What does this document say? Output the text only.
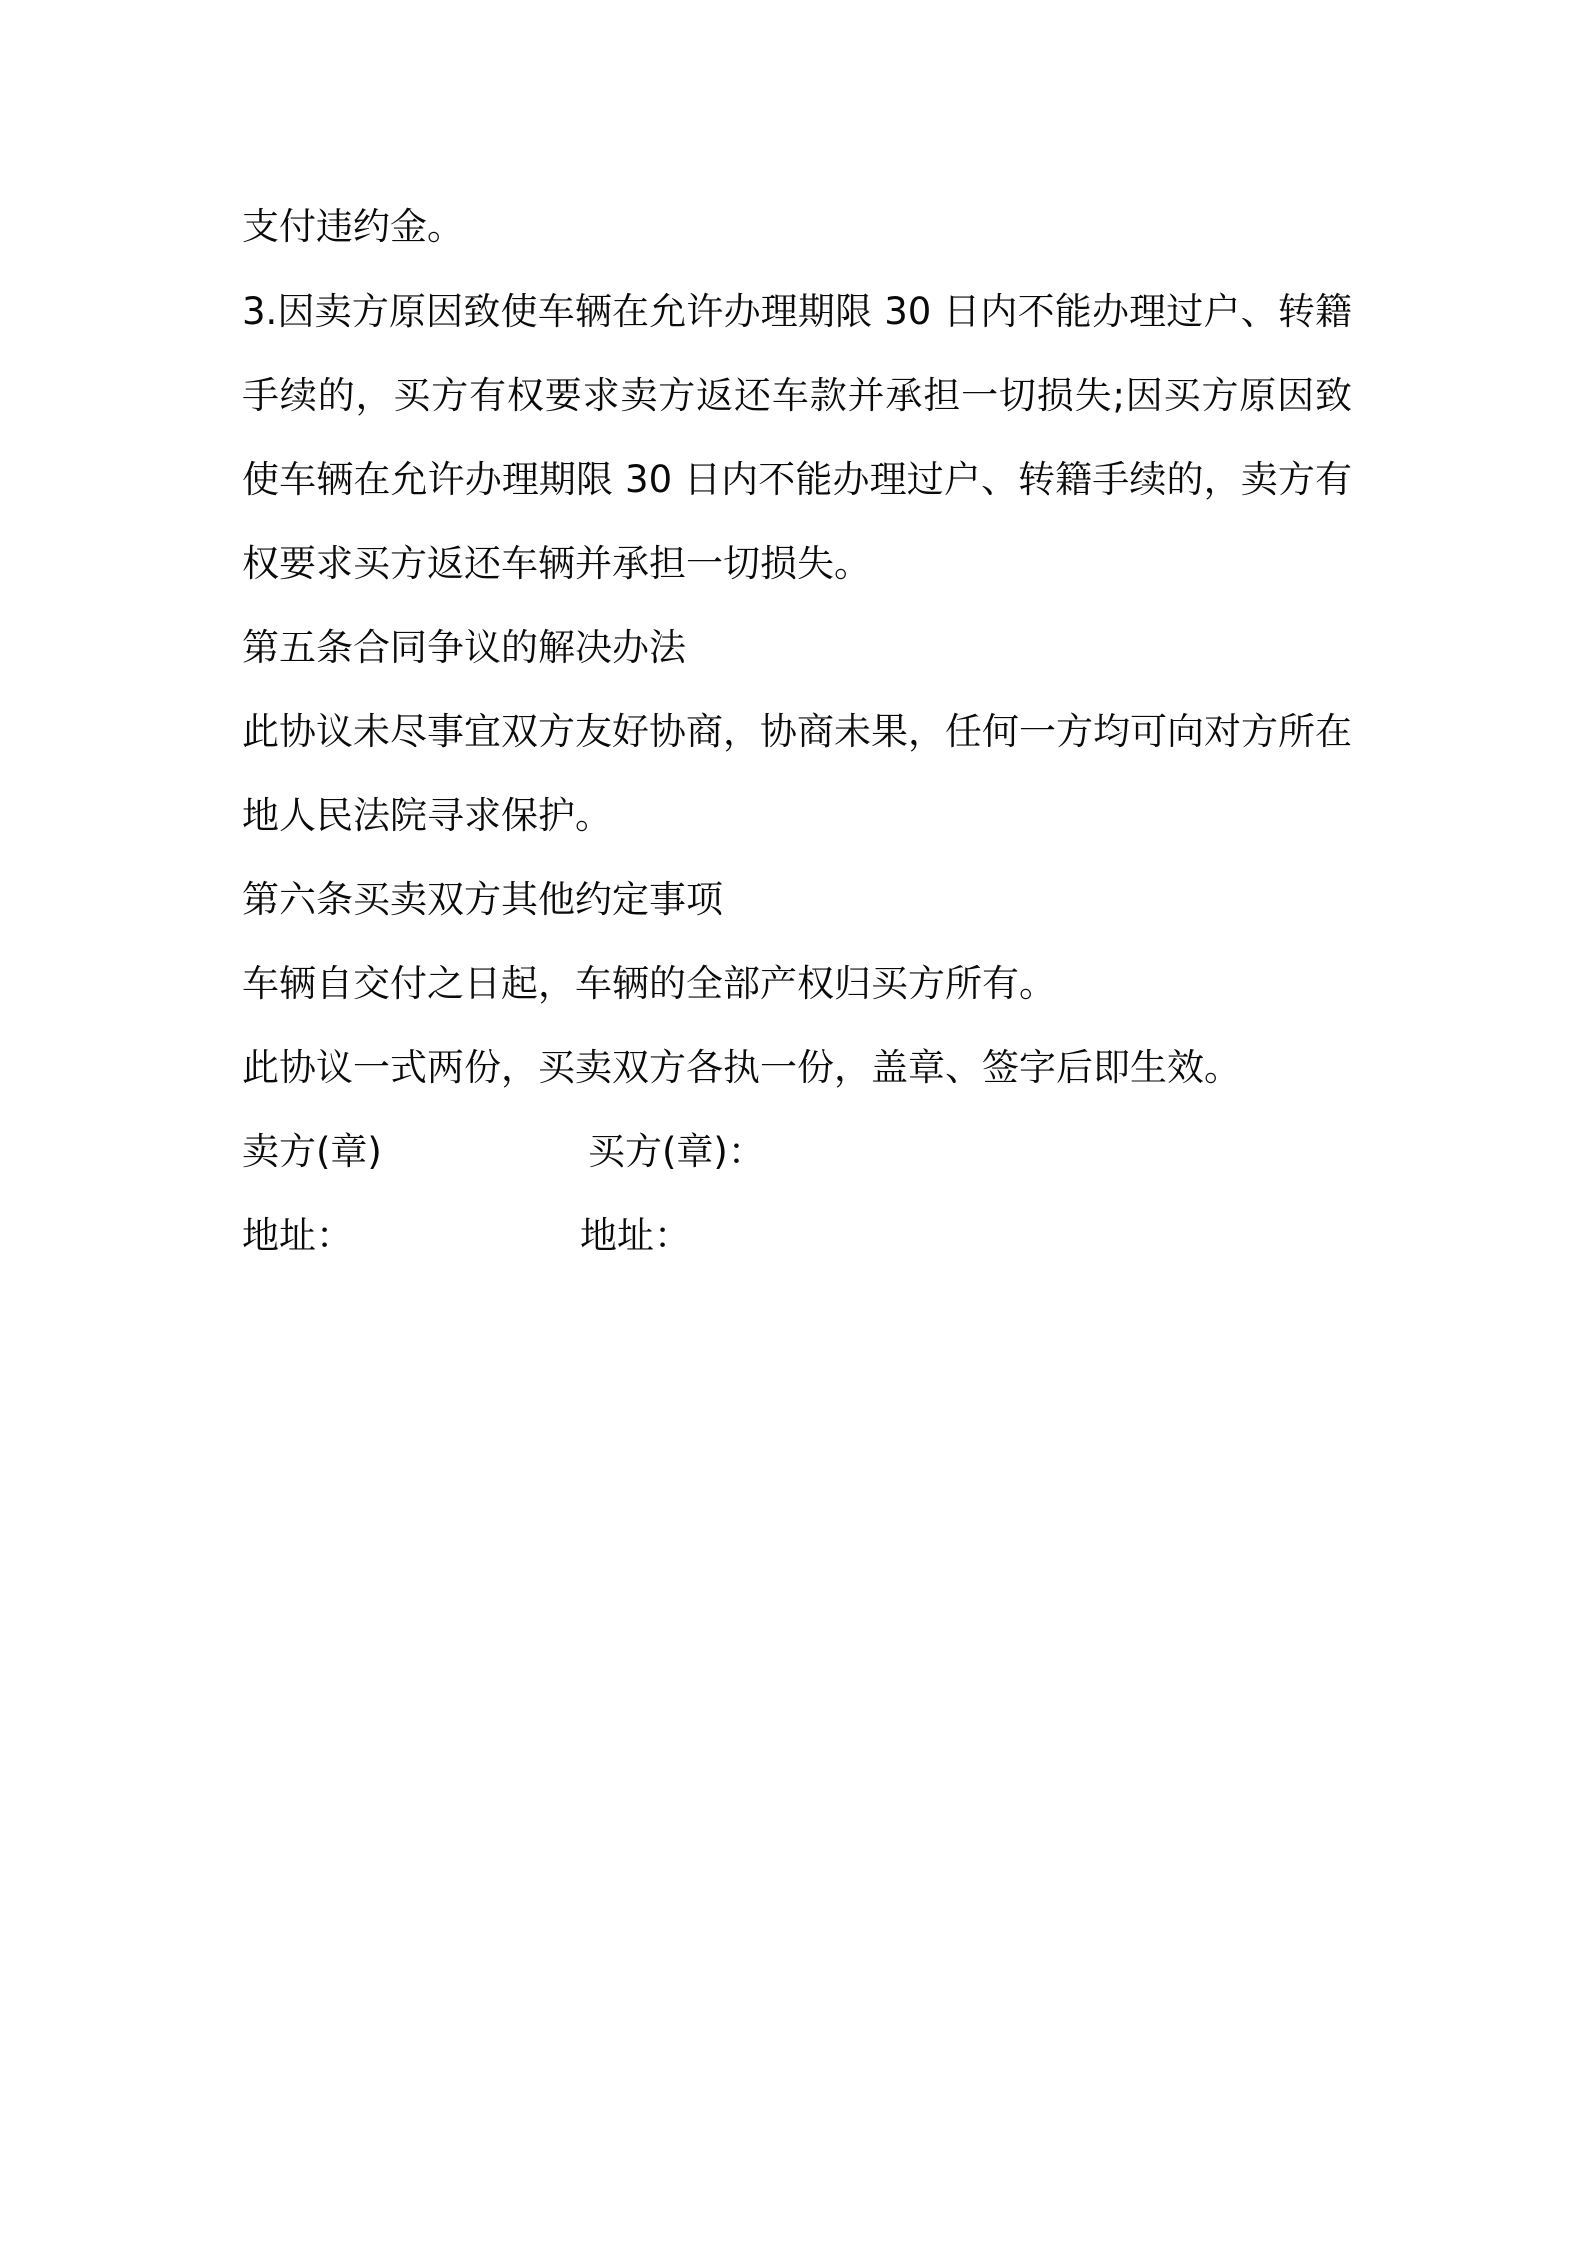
支付违约金。
3.因卖方原因致使车辆在允许办理期限 30 日内不能办理过户、转籍
手续的，买方有权要求卖方返还车款并承担一切损失;因买方原因致
使车辆在允许办理期限 30 日内不能办理过户、转籍手续的，卖方有
权要求买方返还车辆并承担一切损失。
第五条合同争议的解决办法
此协议未尽事宜双方友好协商，协商未果，任何一方均可向对方所在
地人民法院寻求保护。
第六条买卖双方其他约定事项
车辆自交付之日起，车辆的全部产权归买方所有。
此协议一式两份，买卖双方各执一份，盖章、签字后即生效。
卖方(章)	买方(章)：
地址：	地址：
